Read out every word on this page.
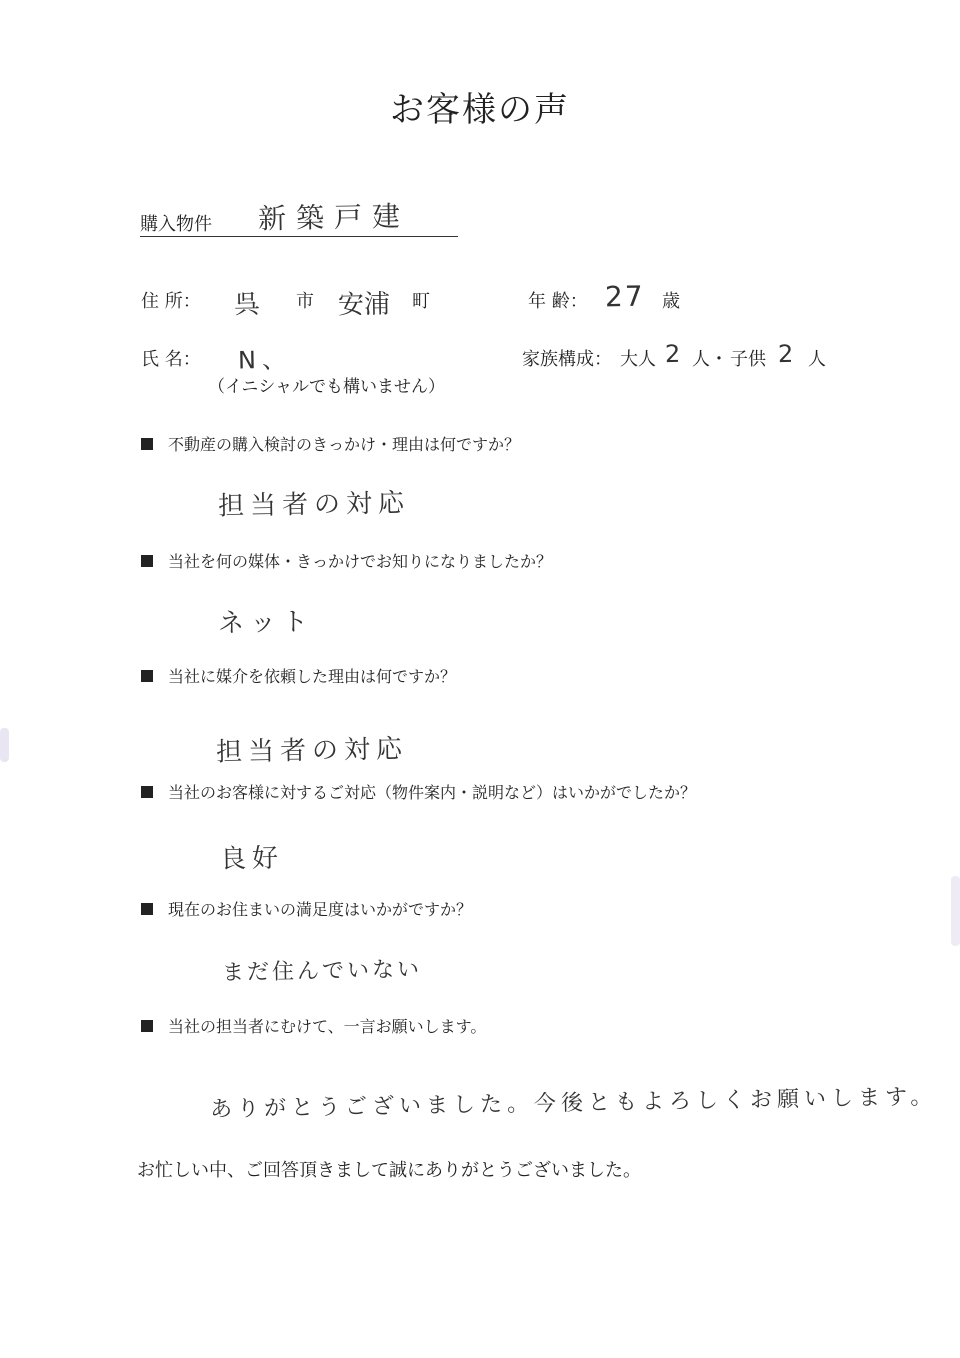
お客様の声
購入物件 新築戸建
住 所： 呉 市 安浦 町	年 齢： 27 歳
氏 名： N、
（イニシャルでも構いません）
家族構成： 大人 2 人・ 子供 2 人
不動産の購入検討のきっかけ・理由は何ですか？
担当者の対応
当社を何の媒体・きっかけでお知りになりましたか？
ネット
当社に媒介を依頼した理由は何ですか？
担当者の対応
当社のお客様に対するご対応（物件案内・説明など）はいかがでしたか？
良好
現在のお住まいの満足度はいかがですか？
まだ住んでいない
当社の担当者にむけて、一言お願いします。
ありがとうございました。今後ともよろしくお願いします。
お忙しい中、ご回答頂きまして誠にありがとうございました。
